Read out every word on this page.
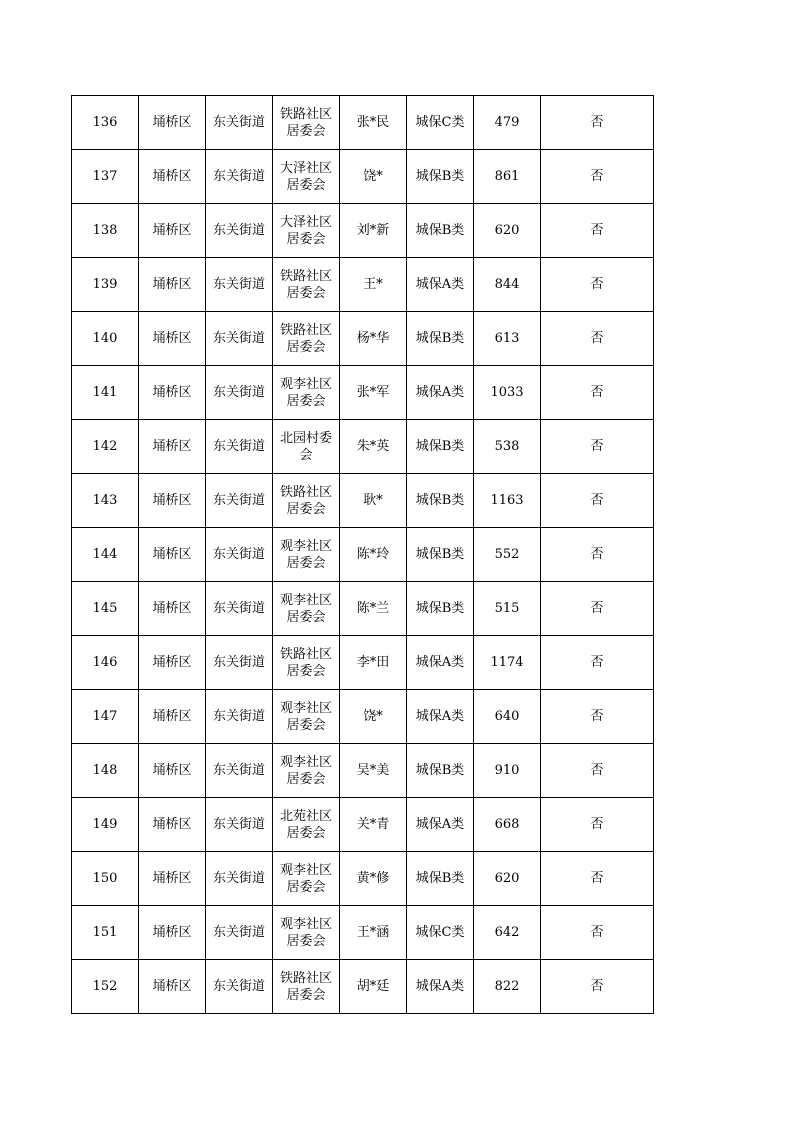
136	埇桥区	东关街道	铁路社区居委会	张*民	城保C类	479	否
137	埇桥区	东关街道	大泽社区居委会	饶*	城保B类	861	否
138	埇桥区	东关街道	大泽社区居委会	刘*新	城保B类	620	否
139	埇桥区	东关街道	铁路社区居委会	王*	城保A类	844	否
140	埇桥区	东关街道	铁路社区居委会	杨*华	城保B类	613	否
141	埇桥区	东关街道	观李社区居委会	张*军	城保A类	1033	否
142	埇桥区	东关街道	北园村委会	朱*英	城保B类	538	否
143	埇桥区	东关街道	铁路社区居委会	耿*	城保B类	1163	否
144	埇桥区	东关街道	观李社区居委会	陈*玲	城保B类	552	否
145	埇桥区	东关街道	观李社区居委会	陈*兰	城保B类	515	否
146	埇桥区	东关街道	铁路社区居委会	李*田	城保A类	1174	否
147	埇桥区	东关街道	观李社区居委会	饶*	城保A类	640	否
148	埇桥区	东关街道	观李社区居委会	吴*美	城保B类	910	否
149	埇桥区	东关街道	北苑社区居委会	关*青	城保A类	668	否
150	埇桥区	东关街道	观李社区居委会	黄*修	城保B类	620	否
151	埇桥区	东关街道	观李社区居委会	王*涵	城保C类	642	否
152	埇桥区	东关街道	铁路社区居委会	胡*廷	城保A类	822	否
